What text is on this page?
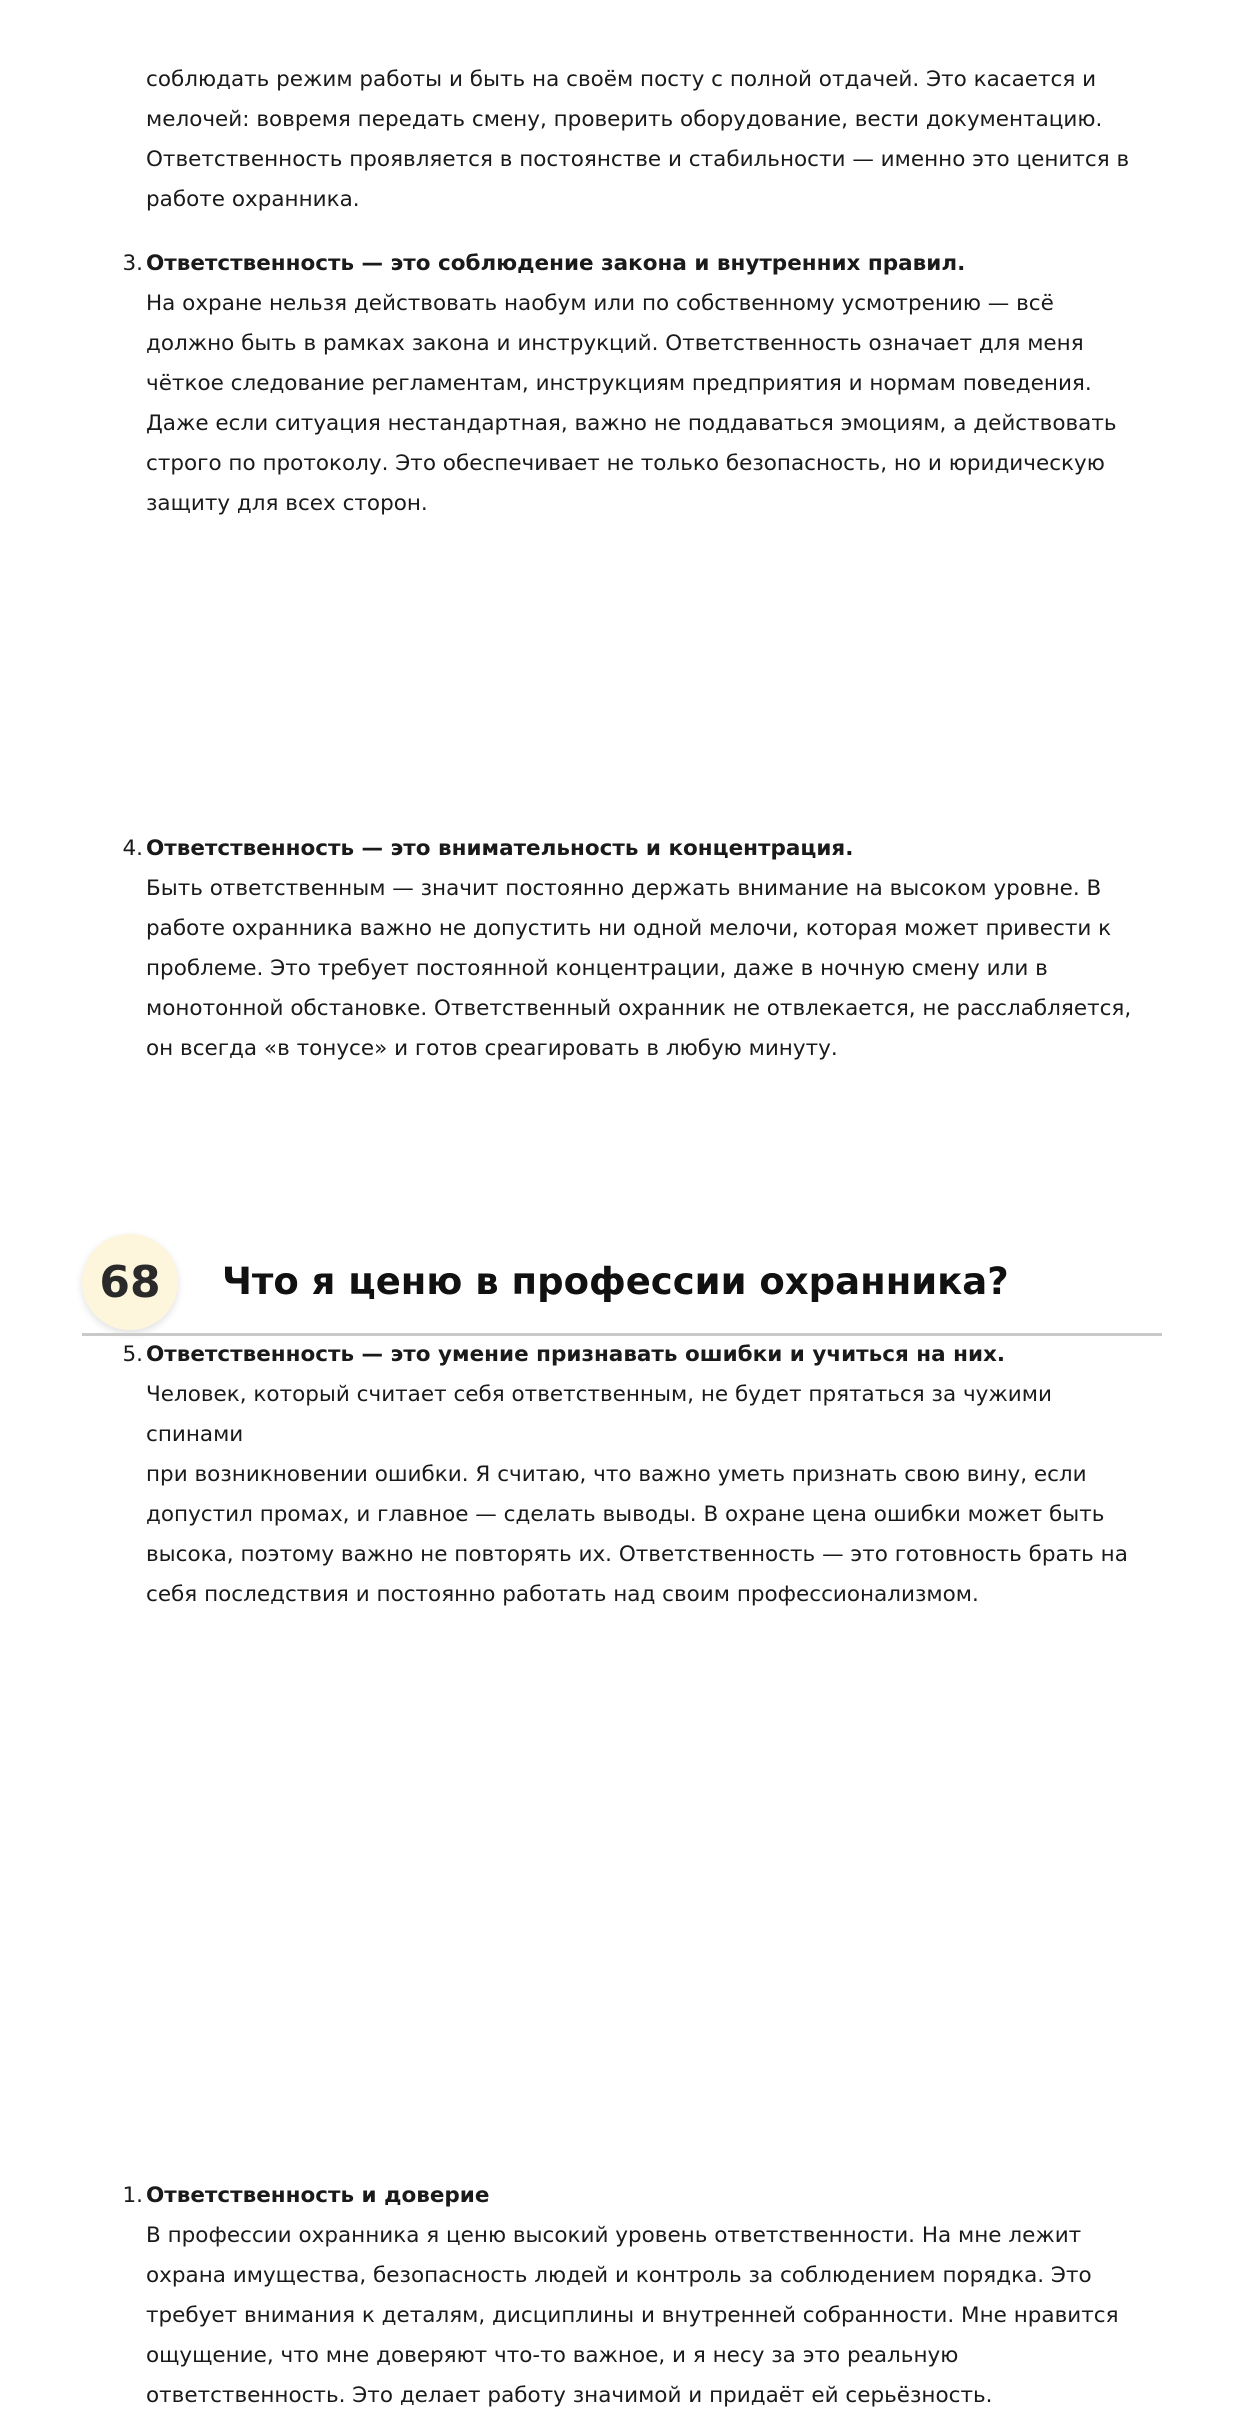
соблюдать режим работы и быть на своём посту с полной отдачей. Это касается и

мелочей: вовремя передать смену, проверить оборудование, вести документацию.

Ответственность проявляется в постоянстве и стабильности — именно это ценится в

работе охранника.

3. Ответственность — это соблюдение закона и внутренних правил.

На охране нельзя действовать наобум или по собственному усмотрению — всё

должно быть в рамках закона и инструкций. Ответственность означает для меня

чёткое следование регламентам, инструкциям предприятия и нормам поведения.

Даже если ситуация нестандартная, важно не поддаваться эмоциям, а действовать

строго по протоколу. Это обеспечивает не только безопасность, но и юридическую

защиту для всех сторон.

4. Ответственность — это внимательность и концентрация.

Быть ответственным — значит постоянно держать внимание на высоком уровне. В

работе охранника важно не допустить ни одной мелочи, которая может привести к

проблеме. Это требует постоянной концентрации, даже в ночную смену или в

монотонной обстановке. Ответственный охранник не отвлекается, не расслабляется,

он всегда «в тонусе» и готов среагировать в любую минуту.

5. Ответственность — это умение признавать ошибки и учиться на них.

Человек, который считает себя ответственным, не будет прятаться за чужими спинами

при возникновении ошибки. Я считаю, что важно уметь признать свою вину, если

допустил промах, и главное — сделать выводы. В охране цена ошибки может быть

высока, поэтому важно не повторять их. Ответственность — это готовность брать на

себя последствия и постоянно работать над своим профессионализмом.

68	Что я ценю в профессии охранника?
1. Ответственность и доверие

В профессии охранника я ценю высокий уровень ответственности. На мне лежит

охрана имущества, безопасность людей и контроль за соблюдением порядка. Это

требует внимания к деталям, дисциплины и внутренней собранности. Мне нравится

ощущение, что мне доверяют что-то важное, и я несу за это реальную

ответственность. Это делает работу значимой и придаёт ей серьёзность.
